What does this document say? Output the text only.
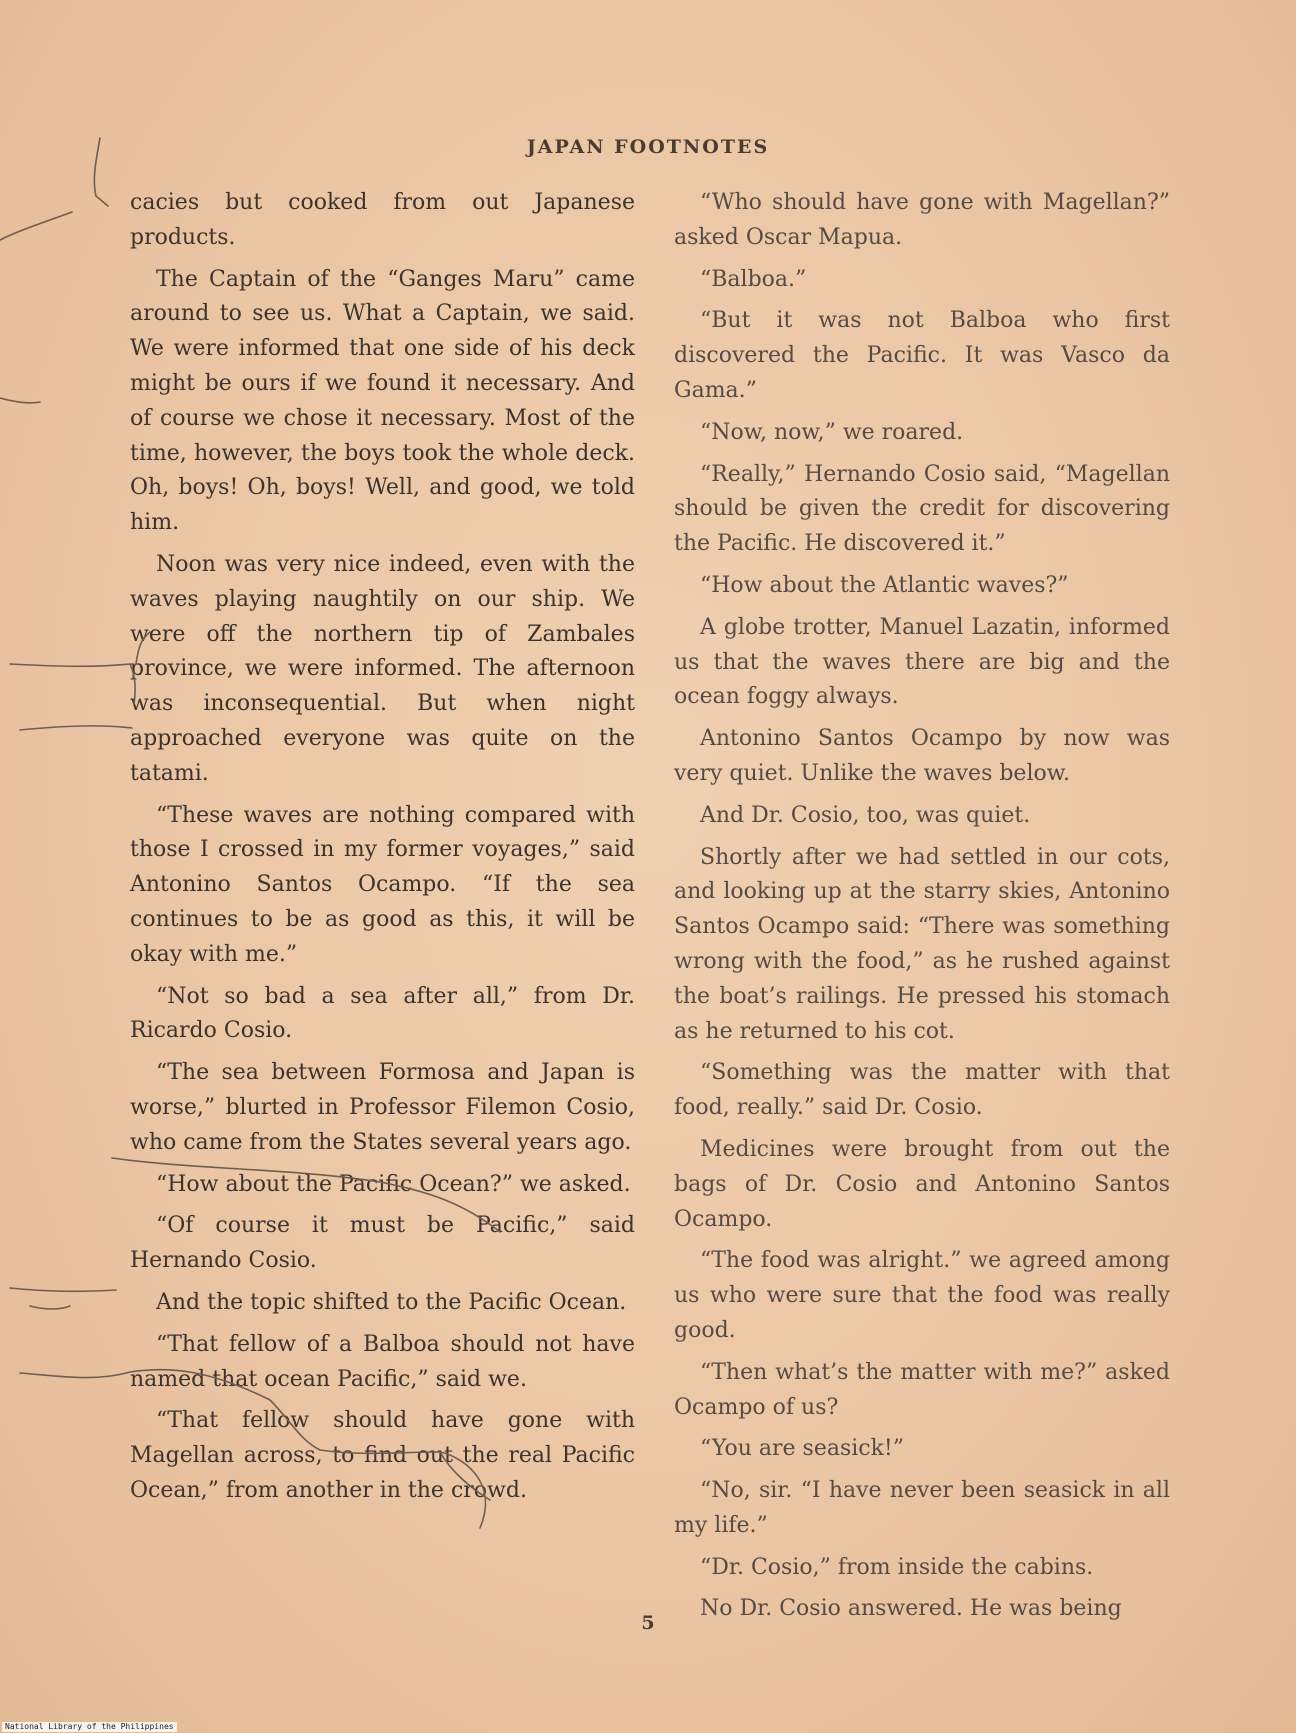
JAPAN FOOTNOTES

cacies but cooked from out Japanese products.

The Captain of the “Ganges Maru” came around to see us. What a Captain, we said. We were informed that one side of his deck might be ours if we found it necessary. And of course we chose it necessary. Most of the time, however, the boys took the whole deck. Oh, boys! Oh, boys! Well, and good, we told him.

Noon was very nice indeed, even with the waves playing naughtily on our ship. We were off the northern tip of Zambales province, we were informed. The afternoon was inconsequential. But when night approached everyone was quite on the tatami.

“These waves are nothing compared with those I crossed in my former voyages,” said Antonino Santos Ocampo. “If the sea continues to be as good as this, it will be okay with me.”

“Not so bad a sea after all,” from Dr. Ricardo Cosio.

“The sea between Formosa and Japan is worse,” blurted in Professor Filemon Cosio, who came from the States several years ago.

“How about the Pacific Ocean?” we asked.

“Of course it must be Pacific,” said Hernando Cosio.

And the topic shifted to the Pacific Ocean.

“That fellow of a Balboa should not have named that ocean Pacific,” said we.

“That fellow should have gone with Magellan across, to find out the real Pacific Ocean,” from another in the crowd.

“Who should have gone with Magellan?” asked Oscar Mapua.

“Balboa.”

“But it was not Balboa who first discovered the Pacific. It was Vasco da Gama.”

“Now, now,” we roared.

“Really,” Hernando Cosio said, “Magellan should be given the credit for discovering the Pacific. He discovered it.”

“How about the Atlantic waves?”

A globe trotter, Manuel Lazatin, informed us that the waves there are big and the ocean foggy always.

Antonino Santos Ocampo by now was very quiet. Unlike the waves below.

And Dr. Cosio, too, was quiet.

Shortly after we had settled in our cots, and looking up at the starry skies, Antonino Santos Ocampo said: “There was something wrong with the food,” as he rushed against the boat’s railings. He pressed his stomach as he returned to his cot.

“Something was the matter with that food, really.” said Dr. Cosio.

Medicines were brought from out the bags of Dr. Cosio and Antonino Santos Ocampo.

“The food was alright.” we agreed among us who were sure that the food was really good.

“Then what’s the matter with me?” asked Ocampo of us?

“You are seasick!”

“No, sir. “I have never been seasick in all my life.”

“Dr. Cosio,” from inside the cabins.

No Dr. Cosio answered. He was being

5
National Library of the Philippines
